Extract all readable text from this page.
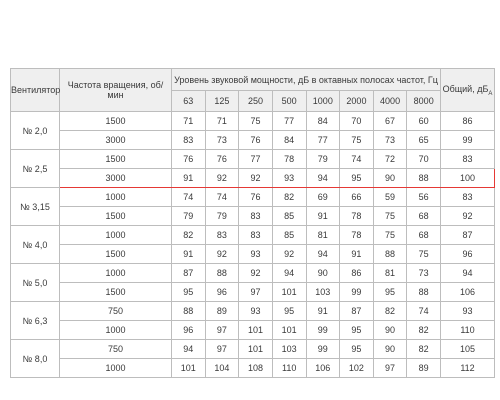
Вентилятор	Частота вращения, об/мин	Уровень звуковой мощности, дБ в октавных полосах частот, Гц								Общий, $дБ_А$
		63	125	250	500	1000	2000	4000	8000	
№ 2,0	1500	71	71	75	77	84	70	67	60	86
	3000	83	73	76	84	77	75	73	65	99
№ 2,5	1500	76	76	77	78	79	74	72	70	83
	3000	91	92	92	93	94	95	90	88	100
№ 3,15	1000	74	74	76	82	69	66	59	56	83
	1500	79	79	83	85	91	78	75	68	92
№ 4,0	1000	82	83	83	85	81	78	75	68	87
	1500	91	92	93	92	94	91	88	75	96
№ 5,0	1000	87	88	92	94	90	86	81	73	94
	1500	95	96	97	101	103	99	95	88	106
№ 6,3	750	88	89	93	95	91	87	82	74	93
	1000	96	97	101	101	99	95	90	82	110
№ 8,0	750	94	97	101	103	99	95	90	82	105
	1000	101	104	108	110	106	102	97	89	112
